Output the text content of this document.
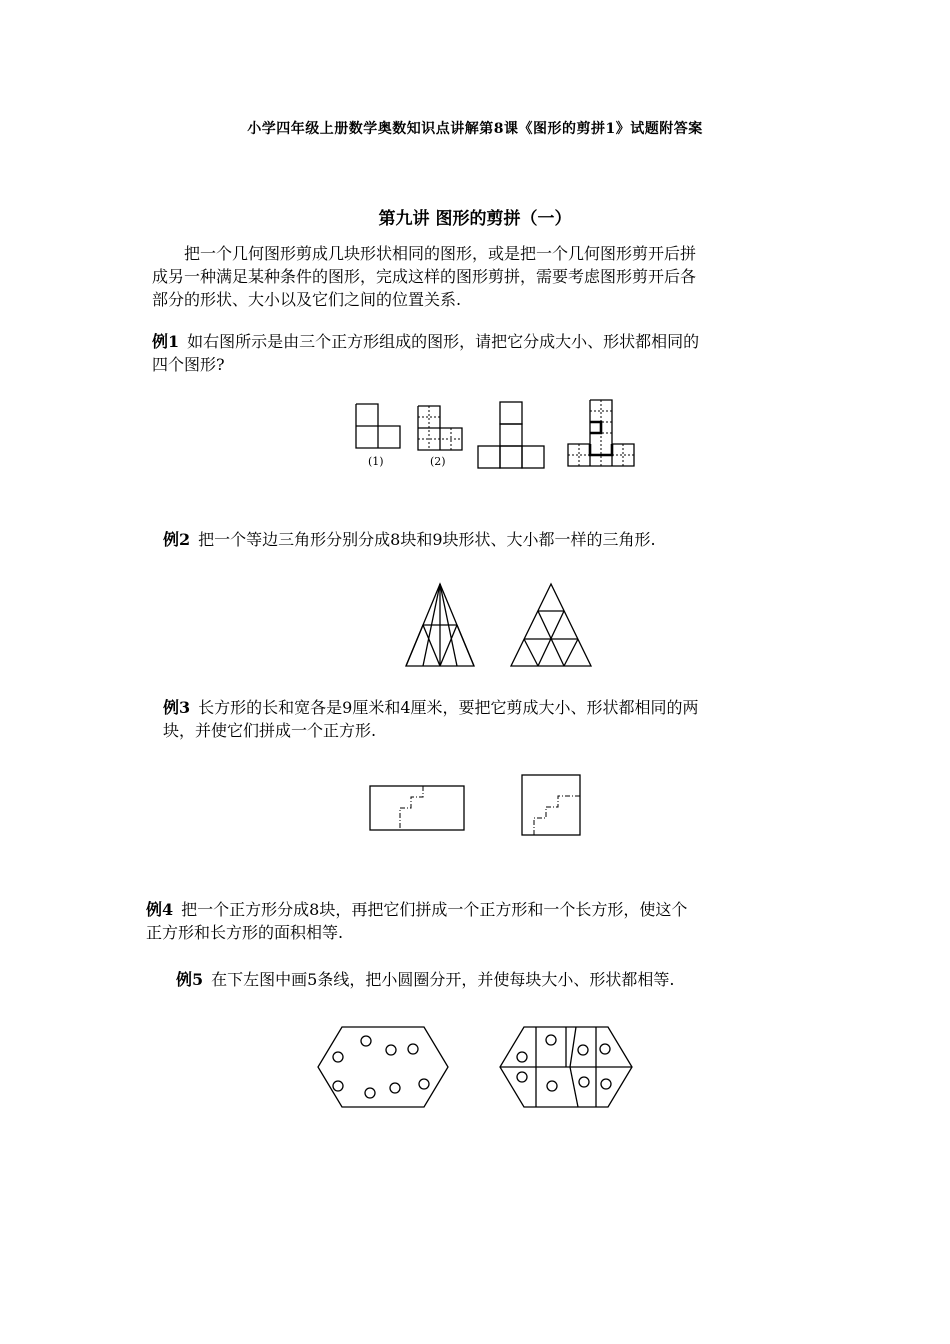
小学四年级上册数学奥数知识点讲解第8课《图形的剪拼1》试题附答案
第九讲 图形的剪拼（一）
把一个几何图形剪成几块形状相同的图形，或是把一个几何图形剪开后拼
成另一种满足某种条件的图形，完成这样的图形剪拼，需要考虑图形剪开后各
部分的形状、大小以及它们之间的位置关系.
例1 如右图所示是由三个正方形组成的图形，请把它分成大小、形状都相同的
四个图形?
(1)	(2)
例2 把一个等边三角形分别分成8块和9块形状、大小都一样的三角形.
例3 长方形的长和宽各是9厘米和4厘米，要把它剪成大小、形状都相同的两
块，并使它们拼成一个正方形.
例4 把一个正方形分成8块，再把它们拼成一个正方形和一个长方形，使这个
正方形和长方形的面积相等.
例5 在下左图中画5条线，把小圆圈分开，并使每块大小、形状都相等.
